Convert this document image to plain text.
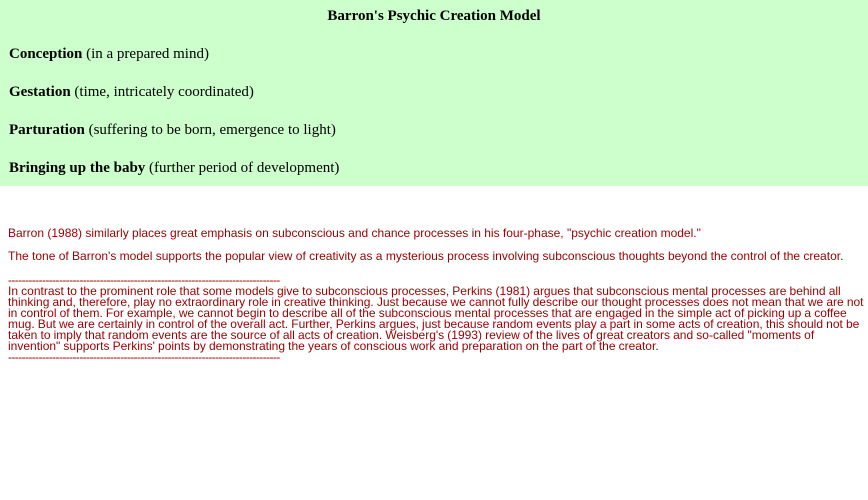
Barron's Psychic Creation Model

Conception (in a prepared mind)

Gestation (time, intricately coordinated)

Parturation (suffering to be born, emergence to light)

Bringing up the baby (further period of development)

Barron (1988) similarly places great emphasis on subconscious and chance processes in his four-phase, "psychic creation model."

The tone of Barron's model supports the popular view of creativity as a mysterious process involving subconscious thoughts beyond the control of the creator.

--------------------------------------------------------------------------------

In contrast to the prominent role that some models give to subconscious processes, Perkins (1981) argues that subconscious mental processes are behind all thinking and, therefore, play no extraordinary role in creative thinking. Just because we cannot fully describe our thought processes does not mean that we are not in control of them. For example, we cannot begin to describe all of the subconscious mental processes that are engaged in the simple act of picking up a coffee mug. But we are certainly in control of the overall act. Further, Perkins argues, just because random events play a part in some acts of creation, this should not be taken to imply that random events are the source of all acts of creation. Weisberg's (1993) review of the lives of great creators and so-called "moments of invention" supports Perkins' points by demonstrating the years of conscious work and preparation on the part of the creator.

--------------------------------------------------------------------------------
